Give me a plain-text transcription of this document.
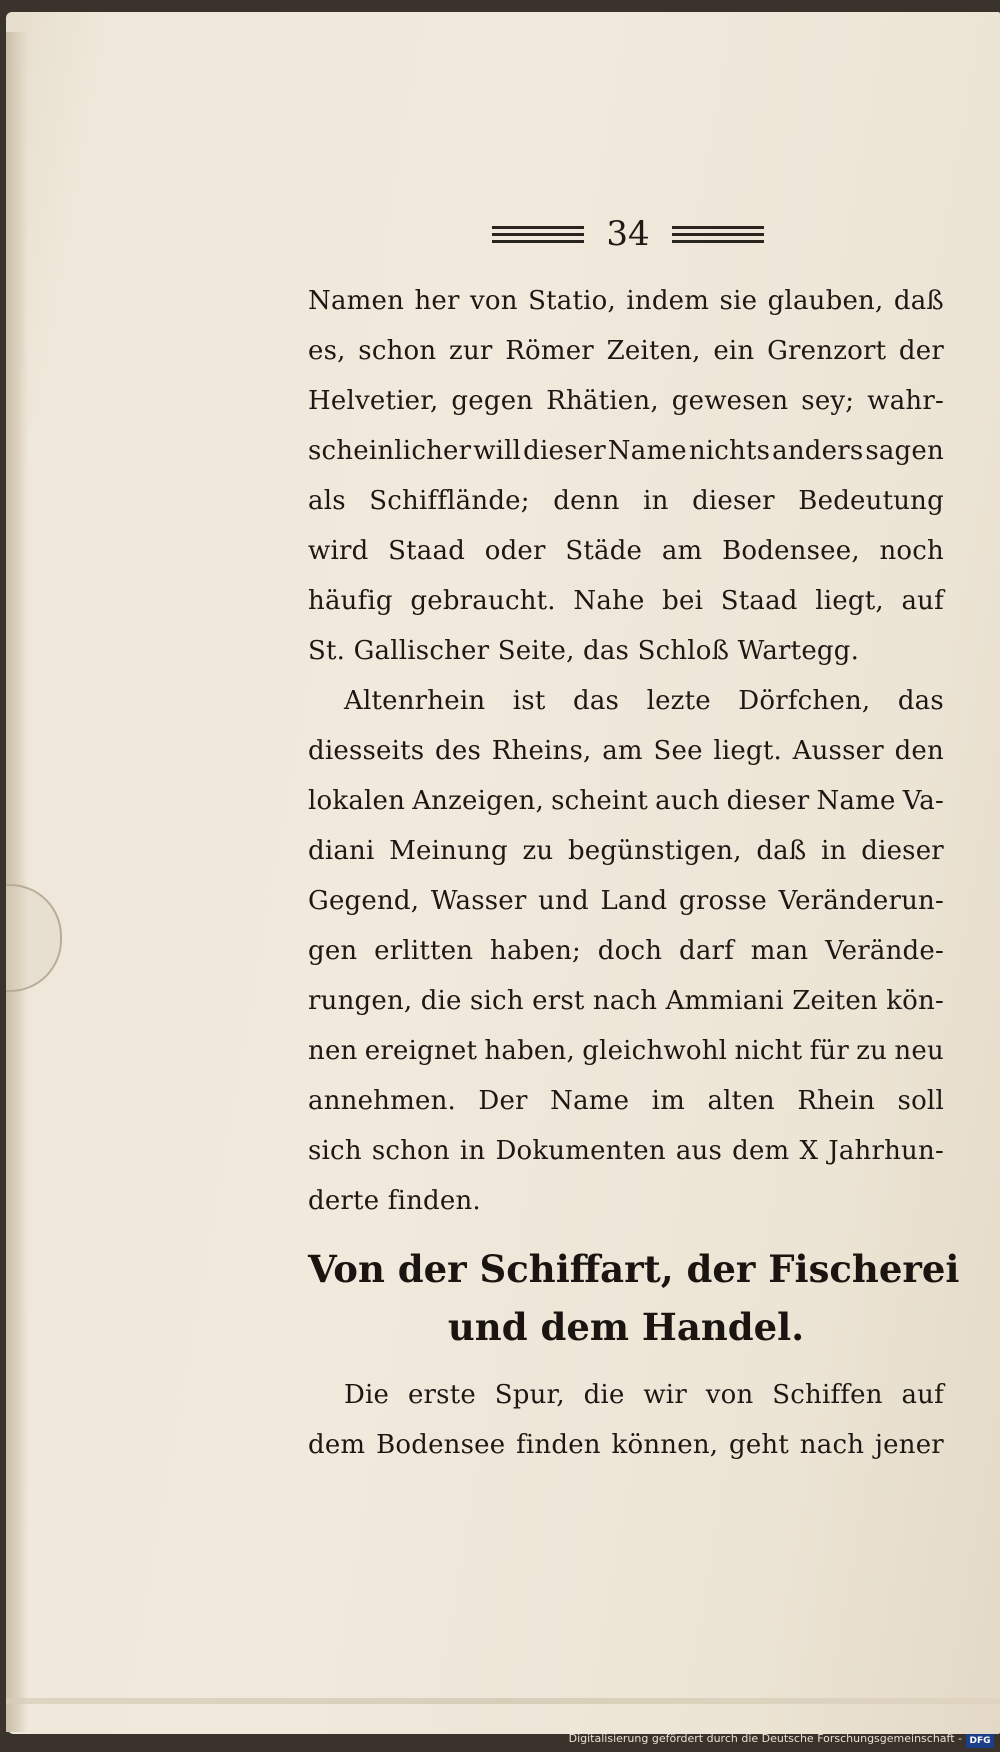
34
Namen her von Statio, indem sie glauben, daß
es, schon zur Römer Zeiten, ein Grenzort der
Helvetier, gegen Rhätien, gewesen sey; wahr-
scheinlicher will dieser Name nichts anders sagen
als Schifflände; denn in dieser Bedeutung
wird Staad oder Städe am Bodensee, noch
häufig gebraucht. Nahe bei Staad liegt, auf
St. Gallischer Seite, das Schloß Wartegg.
Altenrhein ist das lezte Dörfchen, das
diesseits des Rheins, am See liegt. Ausser den
lokalen Anzeigen, scheint auch dieser Name Va-
diani Meinung zu begünstigen, daß in dieser
Gegend, Wasser und Land grosse Veränderun-
gen erlitten haben; doch darf man Verände-
rungen, die sich erst nach Ammiani Zeiten kön-
nen ereignet haben, gleichwohl nicht für zu neu
annehmen. Der Name im alten Rhein soll
sich schon in Dokumenten aus dem X Jahrhun-
derte finden.
Von der Schiffart, der Fischerei
und dem Handel.
Die erste Spur, die wir von Schiffen auf
dem Bodensee finden können, geht nach jener
Digitalisierung gefördert durch die Deutsche Forschungsgemeinschaft - DFG
